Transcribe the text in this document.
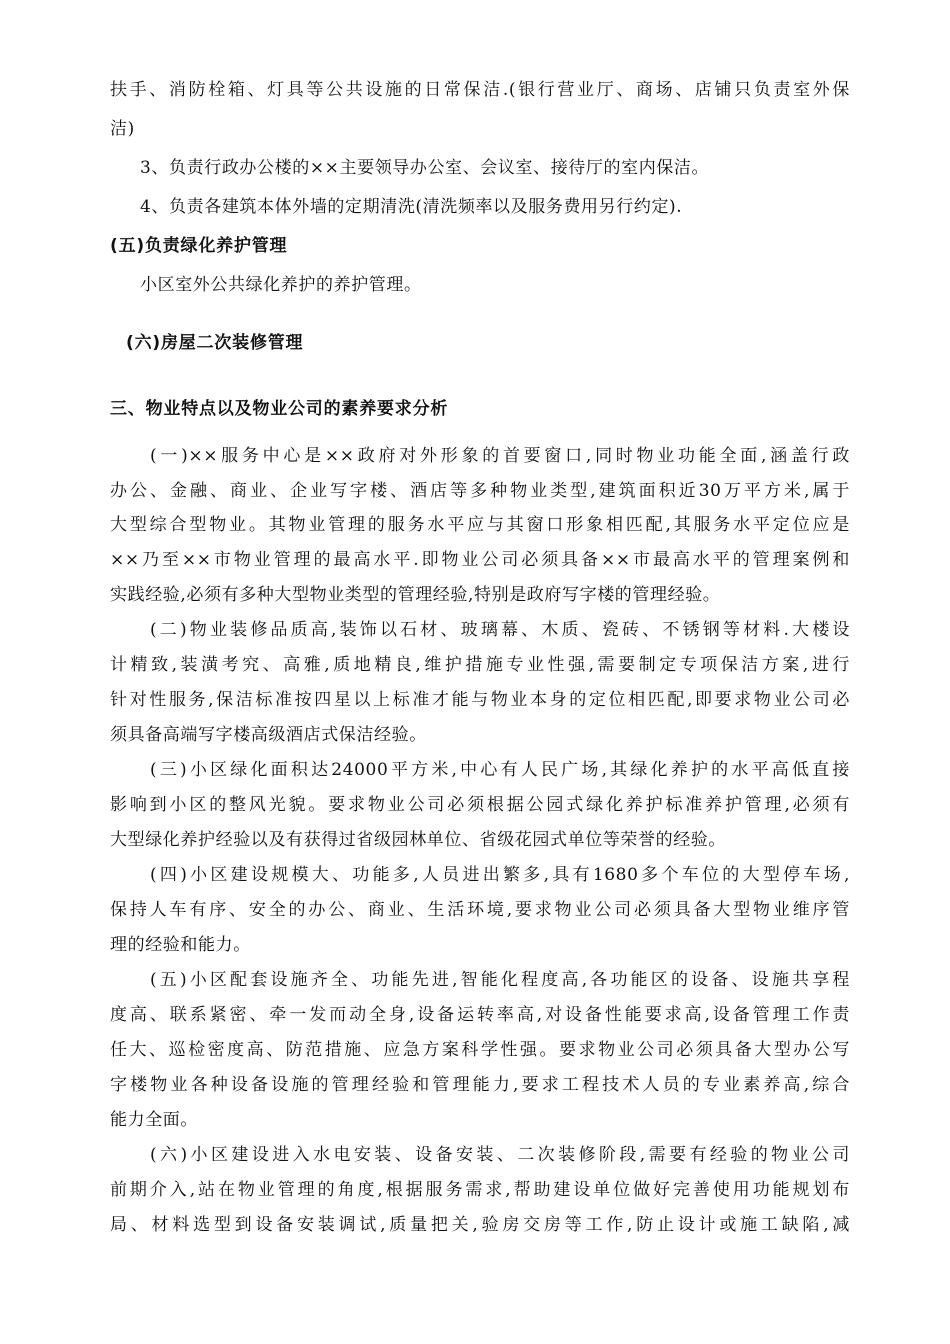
扶手、消防栓箱、灯具等公共设施的日常保洁.(银行营业厅、商场、店铺只负责室外保
洁)
3、负责行政办公楼的××主要领导办公室、会议室、接待厅的室内保洁。
4、负责各建筑本体外墙的定期清洗(清洗频率以及服务费用另行约定).
(五)负责绿化养护管理
小区室外公共绿化养护的养护管理。
(六)房屋二次装修管理
三、物业特点以及物业公司的素养要求分析
(一)××服务中心是××政府对外形象的首要窗口,同时物业功能全面,涵盖行政
办公、金融、商业、企业写字楼、酒店等多种物业类型,建筑面积近30万平方米,属于
大型综合型物业。其物业管理的服务水平应与其窗口形象相匹配,其服务水平定位应是
××乃至××市物业管理的最高水平.即物业公司必须具备××市最高水平的管理案例和
实践经验,必须有多种大型物业类型的管理经验,特别是政府写字楼的管理经验。
(二)物业装修品质高,装饰以石材、玻璃幕、木质、瓷砖、不锈钢等材料.大楼设
计精致,装潢考究、高雅,质地精良,维护措施专业性强,需要制定专项保洁方案,进行
针对性服务,保洁标准按四星以上标准才能与物业本身的定位相匹配,即要求物业公司必
须具备高端写字楼高级酒店式保洁经验。
(三)小区绿化面积达24000平方米,中心有人民广场,其绿化养护的水平高低直接
影响到小区的整风光貌。要求物业公司必须根据公园式绿化养护标准养护管理,必须有
大型绿化养护经验以及有获得过省级园林单位、省级花园式单位等荣誉的经验。
(四)小区建设规模大、功能多,人员进出繁多,具有1680多个车位的大型停车场,
保持人车有序、安全的办公、商业、生活环境,要求物业公司必须具备大型物业维序管
理的经验和能力。
(五)小区配套设施齐全、功能先进,智能化程度高,各功能区的设备、设施共享程
度高、联系紧密、牵一发而动全身,设备运转率高,对设备性能要求高,设备管理工作责
任大、巡检密度高、防范措施、应急方案科学性强。要求物业公司必须具备大型办公写
字楼物业各种设备设施的管理经验和管理能力,要求工程技术人员的专业素养高,综合
能力全面。
(六)小区建设进入水电安装、设备安装、二次装修阶段,需要有经验的物业公司
前期介入,站在物业管理的角度,根据服务需求,帮助建设单位做好完善使用功能规划布
局、材料选型到设备安装调试,质量把关,验房交房等工作,防止设计或施工缺陷,减
